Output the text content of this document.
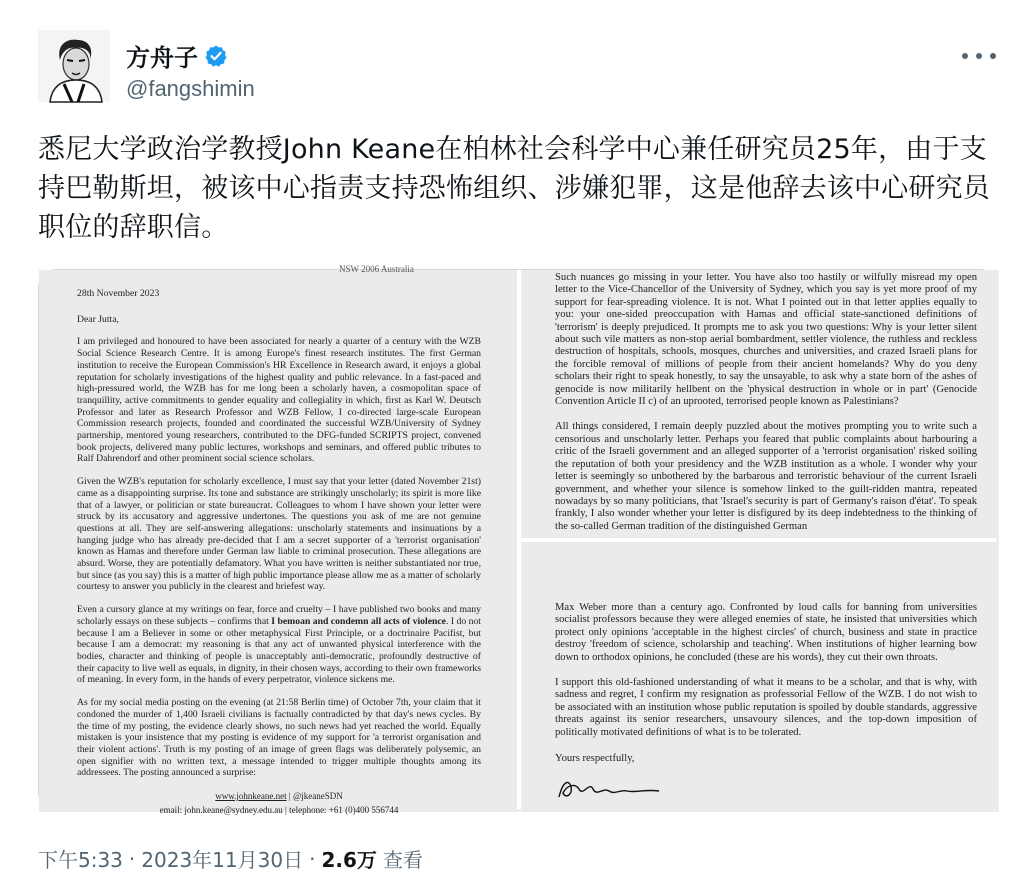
方舟子
@fangshimin
悉尼大学政治学教授John Keane在柏林社会科学中心兼任研究员25年，由于支持巴勒斯坦，被该中心指责支持恐怖组织、涉嫌犯罪，这是他辞去该中心研究员职位的辞职信。
NSW 2006 Australia
28th November 2023
Dear Jutta,
I am privileged and honoured to have been associated for nearly a quarter of a century with the WZB Social Science Research Centre. It is among Europe's finest research institutes. The first German institution to receive the European Commission's HR Excellence in Research award, it enjoys a global reputation for scholarly investigations of the highest quality and public relevance. In a fast-paced and high-pressured world, the WZB has for me long been a scholarly haven, a cosmopolitan space of tranquillity, active commitments to gender equality and collegiality in which, first as Karl W. Deutsch Professor and later as Research Professor and WZB Fellow, I co-directed large-scale European Commission research projects, founded and coordinated the successful WZB/University of Sydney partnership, mentored young researchers, contributed to the DFG-funded SCRIPTS project, convened book projects, delivered many public lectures, workshops and seminars, and offered public tributes to Ralf Dahrendorf and other prominent social science scholars.
Given the WZB's reputation for scholarly excellence, I must say that your letter (dated November 21st) came as a disappointing surprise. Its tone and substance are strikingly unscholarly; its spirit is more like that of a lawyer, or politician or state bureaucrat. Colleagues to whom I have shown your letter were struck by its accusatory and aggressive undertones. The questions you ask of me are not genuine questions at all. They are self-answering allegations: unscholarly statements and insinuations by a hanging judge who has already pre-decided that I am a secret supporter of a 'terrorist organisation' known as Hamas and therefore under German law liable to criminal prosecution. These allegations are absurd. Worse, they are potentially defamatory. What you have written is neither substantiated nor true, but since (as you say) this is a matter of high public importance please allow me as a matter of scholarly courtesy to answer you publicly in the clearest and briefest way.
Even a cursory glance at my writings on fear, force and cruelty – I have published two books and many scholarly essays on these subjects – confirms that I bemoan and condemn all acts of violence. I do not because I am a Believer in some or other metaphysical First Principle, or a doctrinaire Pacifist, but because I am a democrat: my reasoning is that any act of unwanted physical interference with the bodies, character and thinking of people is unacceptably anti-democratic, profoundly destructive of their capacity to live well as equals, in dignity, in their chosen ways, according to their own frameworks of meaning. In every form, in the hands of every perpetrator, violence sickens me.
As for my social media posting on the evening (at 21:58 Berlin time) of October 7th, your claim that it condoned the murder of 1,400 Israeli civilians is factually contradicted by that day's news cycles. By the time of my posting, the evidence clearly shows, no such news had yet reached the world. Equally mistaken is your insistence that my posting is evidence of my support for 'a terrorist organisation and their violent actions'. Truth is my posting of an image of green flags was deliberately polysemic, an open signifier with no written text, a message intended to trigger multiple thoughts among its addressees. The posting announced a surprise:
www.johnkeane.net | @jkeaneSDN
email: john.keane@sydney.edu.au | telephone: +61 (0)400 556744
Such nuances go missing in your letter. You have also too hastily or wilfully misread my open letter to the Vice-Chancellor of the University of Sydney, which you say is yet more proof of my support for fear-spreading violence. It is not. What I pointed out in that letter applies equally to you: your one-sided preoccupation with Hamas and official state-sanctioned definitions of 'terrorism' is deeply prejudiced. It prompts me to ask you two questions: Why is your letter silent about such vile matters as non-stop aerial bombardment, settler violence, the ruthless and reckless destruction of hospitals, schools, mosques, churches and universities, and crazed Israeli plans for the forcible removal of millions of people from their ancient homelands? Why do you deny scholars their right to speak honestly, to say the unsayable, to ask why a state born of the ashes of genocide is now militarily hellbent on the 'physical destruction in whole or in part' (Genocide Convention Article II c) of an uprooted, terrorised people known as Palestinians?
All things considered, I remain deeply puzzled about the motives prompting you to write such a censorious and unscholarly letter. Perhaps you feared that public complaints about harbouring a critic of the Israeli government and an alleged supporter of a 'terrorist organisation' risked soiling the reputation of both your presidency and the WZB institution as a whole. I wonder why your letter is seemingly so unbothered by the barbarous and terroristic behaviour of the current Israeli government, and whether your silence is somehow linked to the guilt-ridden mantra, repeated nowadays by so many politicians, that 'Israel's security is part of Germany's raison d'état'. To speak frankly, I also wonder whether your letter is disfigured by its deep indebtedness to the thinking of the so-called German tradition of the distinguished German
Max Weber more than a century ago. Confronted by loud calls for banning from universities socialist professors because they were alleged enemies of state, he insisted that universities which protect only opinions 'acceptable in the highest circles' of church, business and state in practice destroy 'freedom of science, scholarship and teaching'. When institutions of higher learning bow down to orthodox opinions, he concluded (these are his words), they cut their own throats.
I support this old-fashioned understanding of what it means to be a scholar, and that is why, with sadness and regret, I confirm my resignation as professorial Fellow of the WZB. I do not wish to be associated with an institution whose public reputation is spoiled by double standards, aggressive threats against its senior researchers, unsavoury silences, and the top-down imposition of politically motivated definitions of what is to be tolerated.
Yours respectfully,
下午5:33 · 2023年11月30日 · 2.6万 查看
